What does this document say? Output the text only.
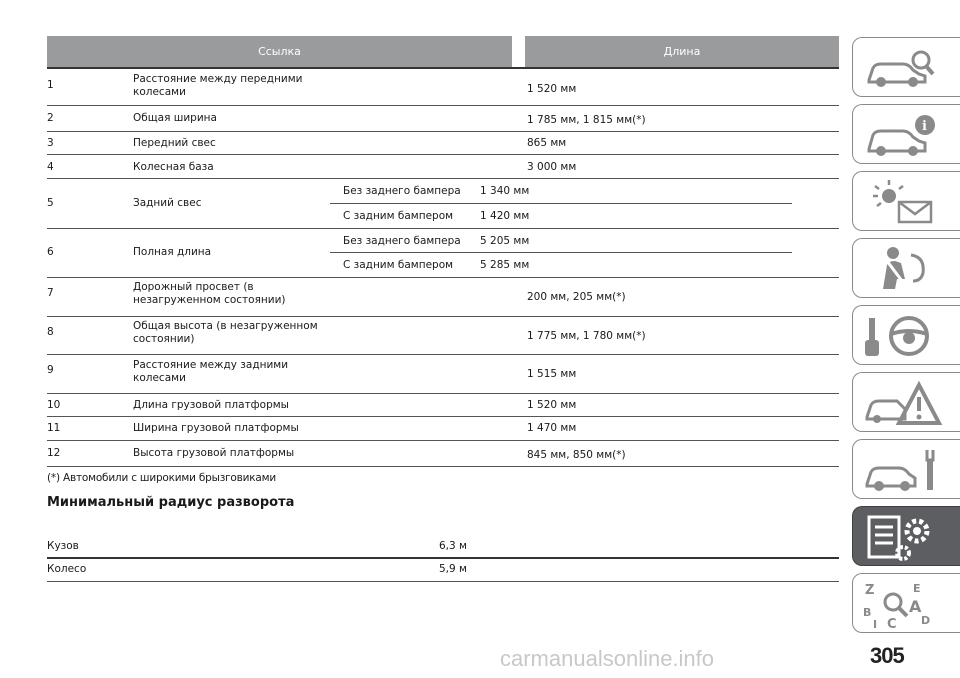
Ссылка	Длина
1	Расстояние между передними
колесами	1 520 мм
2	Общая ширина	1 785 мм, 1 815 мм(*)
3	Передний свес	865 мм
4	Колесная база	3 000 мм
5	Задний свес
Без заднего бампера 1 340 мм
С задним бампером	1 420 мм
6	Полная длина
Без заднего бампера 5 205 мм
С задним бампером	5 285 мм
7	Дорожный просвет (в
незагруженном состоянии)	200 мм, 205 мм(*)
8	Общая высота (в незагруженном
состоянии)	1 775 мм, 1 780 мм(*)
9	Расстояние между задними
колесами	1 515 мм
10	Длина грузовой платформы	1 520 мм
11	Ширина грузовой платформы	1 470 мм
12	Высота грузовой платформы	845 мм, 850 мм(*)
(*) Автомобили с широкими брызговиками
Минимальный радиус разворота
Кузов	6,3 м
Колесо	5,9 м
i
Z	E
B A
I C D
carmanualsonline.info	305
